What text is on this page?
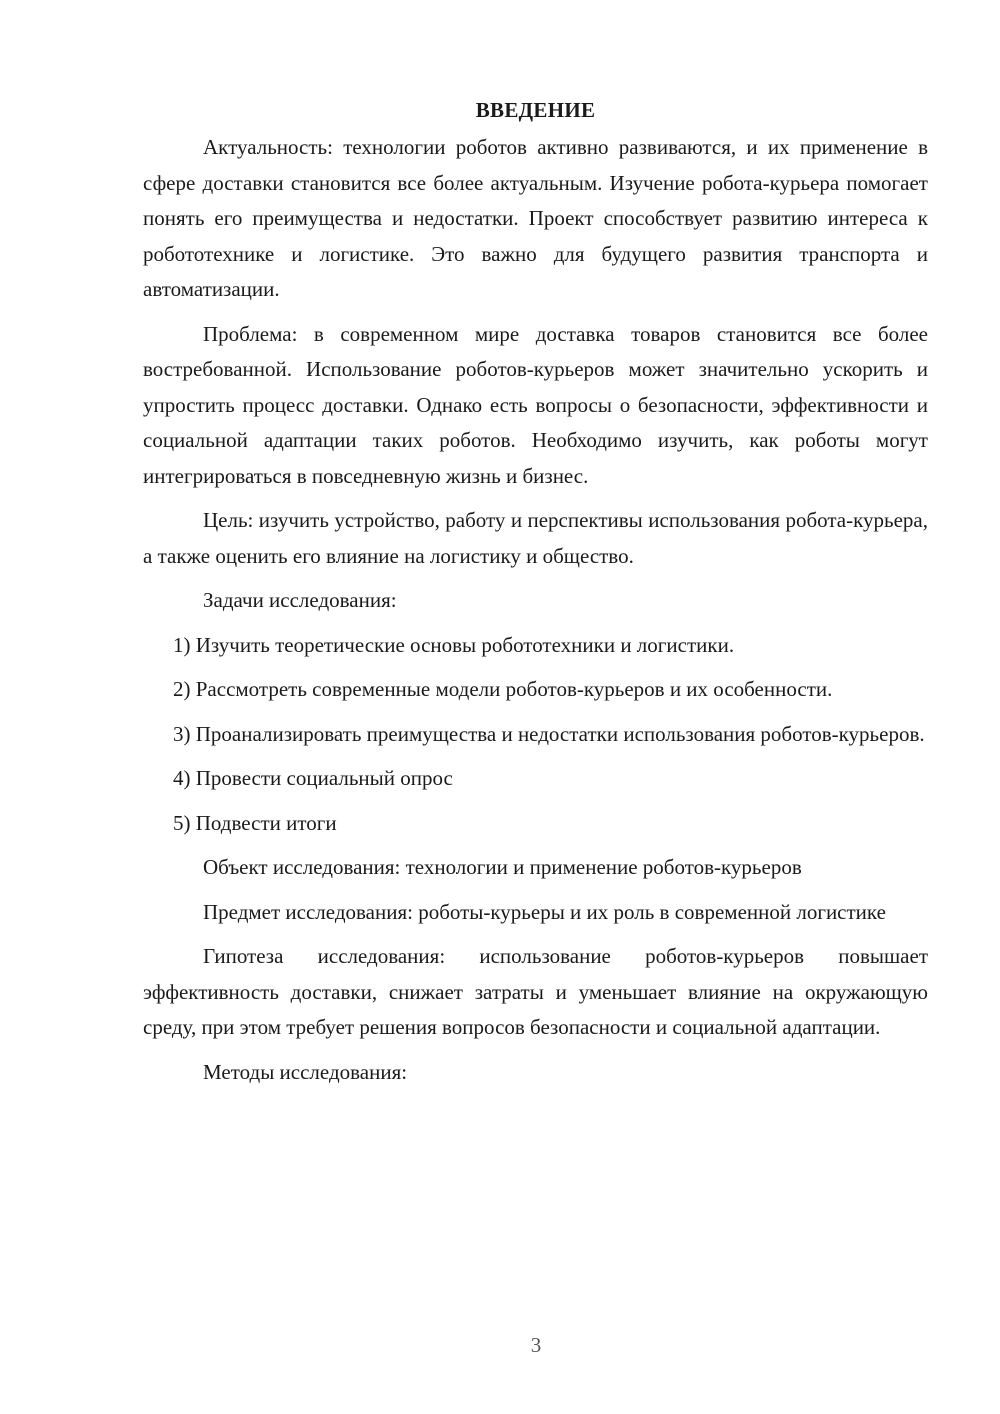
ВВЕДЕНИЕ

Актуальность: технологии роботов активно развиваются, и их применение в сфере доставки становится все более актуальным. Изучение робота-курьера помогает понять его преимущества и недостатки. Проект способствует развитию интереса к робототехнике и логистике. Это важно для будущего развития транспорта и автоматизации.

Проблема: в современном мире доставка товаров становится все более востребованной. Использование роботов-курьеров может значительно ускорить и упростить процесс доставки. Однако есть вопросы о безопасности, эффективности и социальной адаптации таких роботов. Необходимо изучить, как роботы могут интегрироваться в повседневную жизнь и бизнес.

Цель: изучить устройство, работу и перспективы использования робота-курьера, а также оценить его влияние на логистику и общество.

Задачи исследования:

1) Изучить теоретические основы робототехники и логистики.

2) Рассмотреть современные модели роботов-курьеров и их особенности.

3) Проанализировать преимущества и недостатки использования роботов-курьеров.

4) Провести социальный опрос

5) Подвести итоги

Объект исследования: технологии и применение роботов-курьеров

Предмет исследования: роботы-курьеры и их роль в современной логистике

Гипотеза исследования: использование роботов-курьеров повышает эффективность доставки, снижает затраты и уменьшает влияние на окружающую среду, при этом требует решения вопросов безопасности и социальной адаптации.

Методы исследования:

3
